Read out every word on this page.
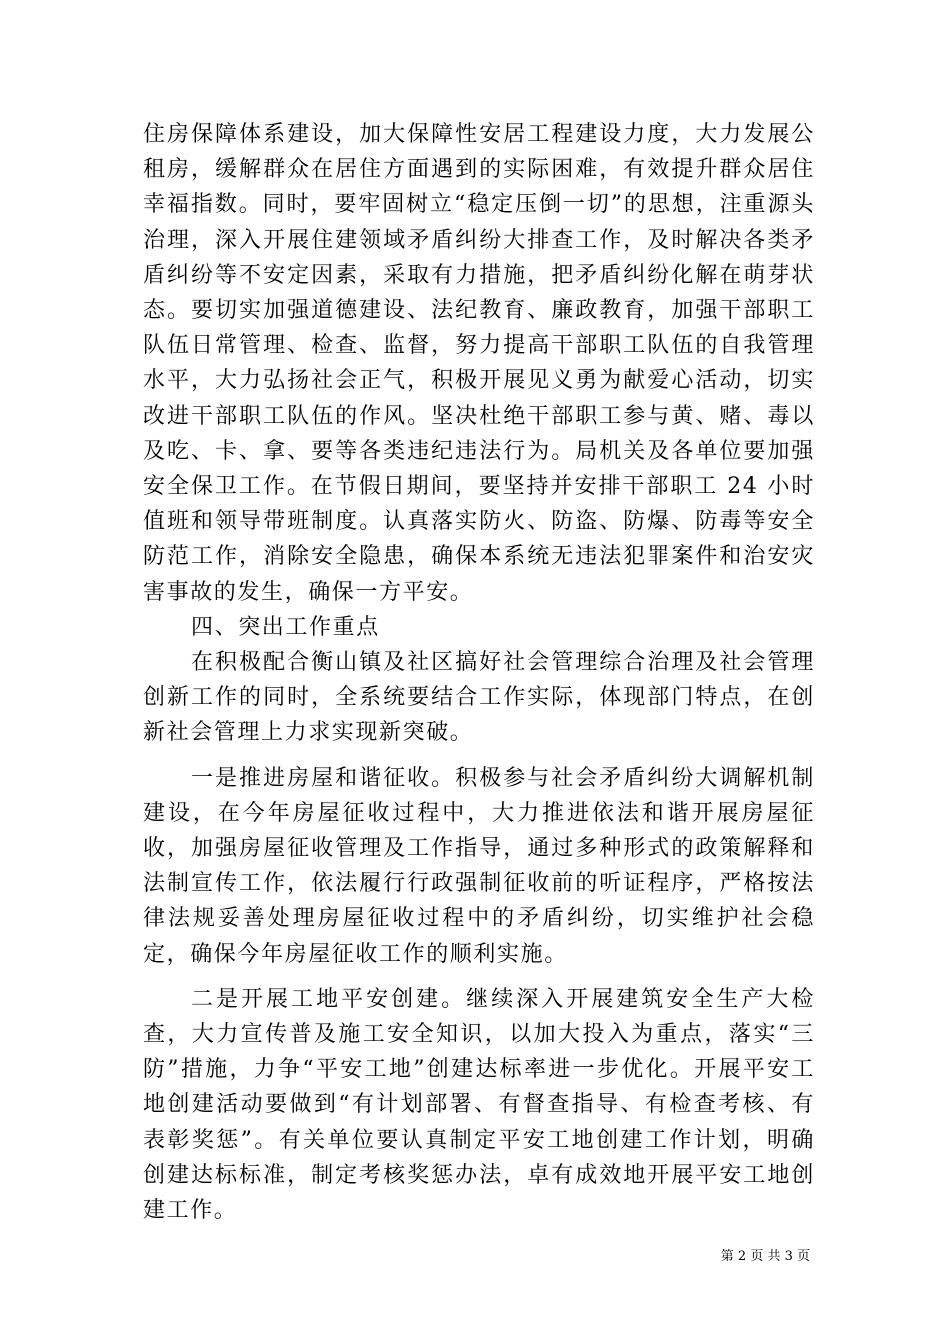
住房保障体系建设，加大保障性安居工程建设力度，大力发展公租房，缓解群众在居住方面遇到的实际困难，有效提升群众居住幸福指数。同时，要牢固树立“稳定压倒一切”的思想，注重源头治理，深入开展住建领域矛盾纠纷大排查工作，及时解决各类矛盾纠纷等不安定因素，采取有力措施，把矛盾纠纷化解在萌芽状态。要切实加强道德建设、法纪教育、廉政教育，加强干部职工队伍日常管理、检查、监督，努力提高干部职工队伍的自我管理水平，大力弘扬社会正气，积极开展见义勇为献爱心活动，切实改进干部职工队伍的作风。坚决杜绝干部职工参与黄、赌、毒以及吃、卡、拿、要等各类违纪违法行为。局机关及各单位要加强安全保卫工作。在节假日期间，要坚持并安排干部职工 24 小时值班和领导带班制度。认真落实防火、防盗、防爆、防毒等安全防范工作，消除安全隐患，确保本系统无违法犯罪案件和治安灾害事故的发生，确保一方平安。

四、突出工作重点

在积极配合衡山镇及社区搞好社会管理综合治理及社会管理创新工作的同时，全系统要结合工作实际，体现部门特点，在创新社会管理上力求实现新突破。

一是推进房屋和谐征收。积极参与社会矛盾纠纷大调解机制建设，在今年房屋征收过程中，大力推进依法和谐开展房屋征收，加强房屋征收管理及工作指导，通过多种形式的政策解释和法制宣传工作，依法履行行政强制征收前的听证程序，严格按法律法规妥善处理房屋征收过程中的矛盾纠纷，切实维护社会稳定，确保今年房屋征收工作的顺利实施。

二是开展工地平安创建。继续深入开展建筑安全生产大检查，大力宣传普及施工安全知识，以加大投入为重点，落实“三防”措施，力争“平安工地”创建达标率进一步优化。开展平安工地创建活动要做到“有计划部署、有督查指导、有检查考核、有表彰奖惩”。有关单位要认真制定平安工地创建工作计划，明确创建达标标准，制定考核奖惩办法，卓有成效地开展平安工地创建工作。

第 2 页 共 3 页
